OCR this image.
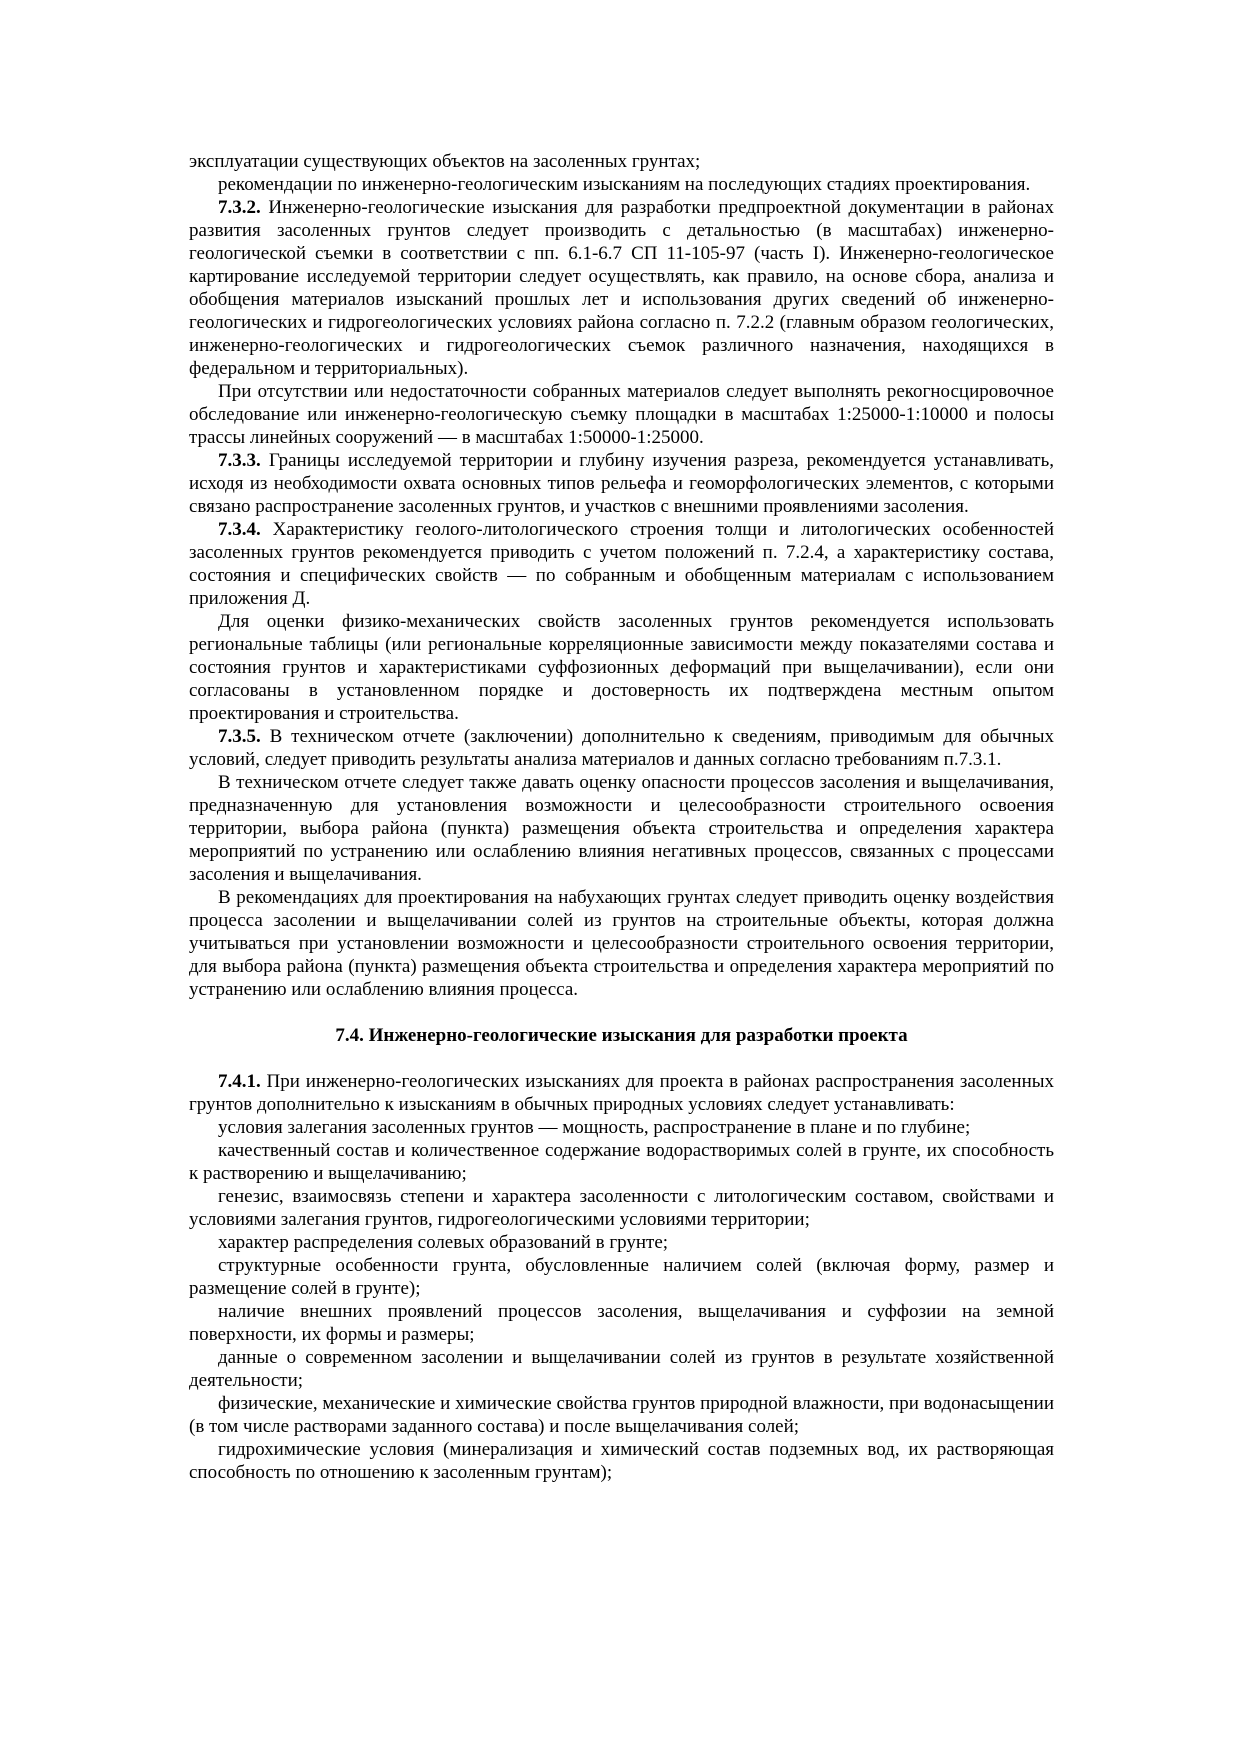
эксплуатации существующих объектов на засоленных грунтах;

рекомендации по инженерно-геологическим изысканиям на последующих стадиях проектирования.

7.3.2. Инженерно-геологические изыскания для разработки предпроектной документации в районах развития засоленных грунтов следует производить с детальностью (в масштабах) инженерно-геологической съемки в соответствии с пп. 6.1-6.7 СП 11-105-97 (часть I). Инженерно-геологическое картирование исследуемой территории следует осуществлять, как правило, на основе сбора, анализа и обобщения материалов изысканий прошлых лет и использования других сведений об инженерно-геологических и гидрогеологических условиях района согласно п. 7.2.2 (главным образом геологических, инженерно-геологических и гидрогеологических съемок различного назначения, находящихся в федеральном и территориальных).

При отсутствии или недостаточности собранных материалов следует выполнять рекогносцировочное обследование или инженерно-геологическую съемку площадки в масштабах 1:25000-1:10000 и полосы трассы линейных сооружений — в масштабах 1:50000-1:25000.

7.3.3. Границы исследуемой территории и глубину изучения разреза, рекомендуется устанавливать, исходя из необходимости охвата основных типов рельефа и геоморфологических элементов, с которыми связано распространение засоленных грунтов, и участков с внешними проявлениями засоления.

7.3.4. Характеристику геолого-литологического строения толщи и литологических особенностей засоленных грунтов рекомендуется приводить с учетом положений п. 7.2.4, а характеристику состава, состояния и специфических свойств — по собранным и обобщенным материалам с использованием приложения Д.

Для оценки физико-механических свойств засоленных грунтов рекомендуется использовать региональные таблицы (или региональные корреляционные зависимости между показателями состава и состояния грунтов и характеристиками суффозионных деформаций при выщелачивании), если они согласованы в установленном порядке и достоверность их подтверждена местным опытом проектирования и строительства.

7.3.5. В техническом отчете (заключении) дополнительно к сведениям, приводимым для обычных условий, следует приводить результаты анализа материалов и данных согласно требованиям п.7.3.1.

В техническом отчете следует также давать оценку опасности процессов засоления и выщелачивания, предназначенную для установления возможности и целесообразности строительного освоения территории, выбора района (пункта) размещения объекта строительства и определения характера мероприятий по устранению или ослаблению влияния негативных процессов, связанных с процессами засоления и выщелачивания.

В рекомендациях для проектирования на набухающих грунтах следует приводить оценку воздействия процесса засолении и выщелачивании солей из грунтов на строительные объекты, которая должна учитываться при установлении возможности и целесообразности строительного освоения территории, для выбора района (пункта) размещения объекта строительства и определения характера мероприятий по устранению или ослаблению влияния процесса.

7.4. Инженерно-геологические изыскания для разработки проекта

7.4.1. При инженерно-геологических изысканиях для проекта в районах распространения засоленных грунтов дополнительно к изысканиям в обычных природных условиях следует устанавливать:

условия залегания засоленных грунтов — мощность, распространение в плане и по глубине;

качественный состав и количественное содержание водорастворимых солей в грунте, их способность к растворению и выщелачиванию;

генезис, взаимосвязь степени и характера засоленности с литологическим составом, свойствами и условиями залегания грунтов, гидрогеологическими условиями территории;

характер распределения солевых образований в грунте;

структурные особенности грунта, обусловленные наличием солей (включая форму, размер и размещение солей в грунте);

наличие внешних проявлений процессов засоления, выщелачивания и суффозии на земной поверхности, их формы и размеры;

данные о современном засолении и выщелачивании солей из грунтов в результате хозяйственной деятельности;

физические, механические и химические свойства грунтов природной влажности, при водонасыщении (в том числе растворами заданного состава) и после выщелачивания солей;

гидрохимические условия (минерализация и химический состав подземных вод, их растворяющая способность по отношению к засоленным грунтам);
